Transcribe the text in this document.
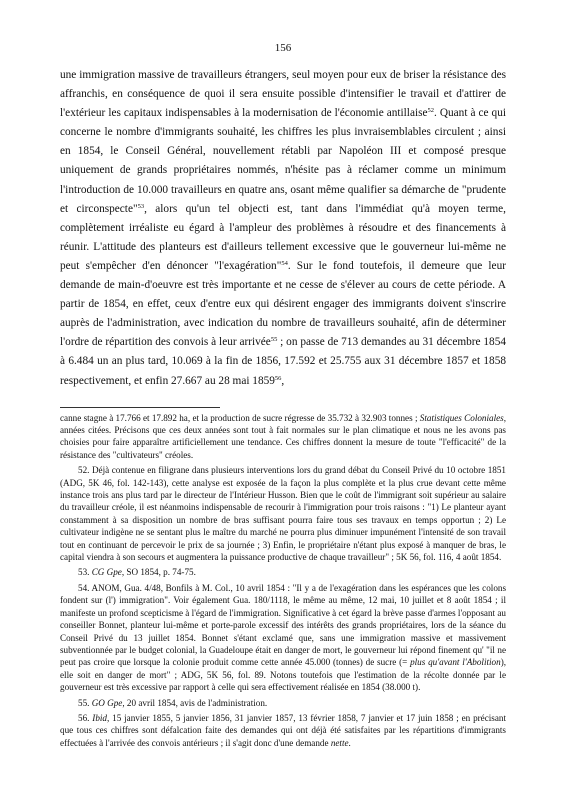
156

une immigration massive de travailleurs étrangers, seul moyen pour eux de briser la résistance des affranchis, en conséquence de quoi il sera ensuite possible d'intensifier le travail et d'attirer de l'extérieur les capitaux indispensables à la modernisation de l'économie antillaise$^{52}$. Quant à ce qui concerne le nombre d'immigrants souhaité, les chiffres les plus invraisemblables circulent ; ainsi en 1854, le Conseil Général, nouvellement rétabli par Napoléon III et composé presque uniquement de grands propriétaires nommés, n'hésite pas à réclamer comme un minimum l'introduction de 10.000 travailleurs en quatre ans, osant même qualifier sa démarche de "prudente et circonspecte"$^{53}$, alors qu'un tel objecti est, tant dans l'immédiat qu'à moyen terme, complètement irréaliste eu égard à l'ampleur des problèmes à résoudre et des financements à réunir. L'attitude des planteurs est d'ailleurs tellement excessive que le gouverneur lui-même ne peut s'empêcher d'en dénoncer "l'exagération"$^{54}$. Sur le fond toutefois, il demeure que leur demande de main-d'oeuvre est très importante et ne cesse de s'élever au cours de cette période. A partir de 1854, en effet, ceux d'entre eux qui désirent engager des immigrants doivent s'inscrire auprès de l'administration, avec indication du nombre de travailleurs souhaité, afin de déterminer l'ordre de répartition des convois à leur arrivée$^{55}$ ; on passe de 713 demandes au 31 décembre 1854 à 6.484 un an plus tard, 10.069 à la fin de 1856, 17.592 et 25.755 aux 31 décembre 1857 et 1858 respectivement, et enfin 27.667 au 28 mai 1859$^{56}$,

canne stagne à 17.766 et 17.892 ha, et la production de sucre régresse de 35.732 à 32.903 tonnes ; Statistiques Coloniales, années citées. Précisons que ces deux années sont tout à fait normales sur le plan climatique et nous ne les avons pas choisies pour faire apparaître artificiellement une tendance. Ces chiffres donnent la mesure de toute "l'efficacité" de la résistance des "cultivateurs" créoles.

52. Déjà contenue en filigrane dans plusieurs interventions lors du grand débat du Conseil Privé du 10 octobre 1851 (ADG, 5K 46, fol. 142-143), cette analyse est exposée de la façon la plus complète et la plus crue devant cette même instance trois ans plus tard par le directeur de l'Intérieur Husson. Bien que le coût de l'immigrant soit supérieur au salaire du travailleur créole, il est néanmoins indispensable de recourir à l'immigration pour trois raisons : "1) Le planteur ayant constamment à sa disposition un nombre de bras suffisant pourra faire tous ses travaux en temps opportun ; 2) Le cultivateur indigène ne se sentant plus le maître du marché ne pourra plus diminuer impunément l'intensité de son travail tout en continuant de percevoir le prix de sa journée ; 3) Enfin, le propriétaire n'étant plus exposé à manquer de bras, le capital viendra à son secours et augmentera la puissance productive de chaque travailleur" ; 5K 56, fol. 116, 4 août 1854.

53. CG Gpe, SO 1854, p. 74-75.

54. ANOM, Gua. 4/48, Bonfils à M. Col., 10 avril 1854 : "Il y a de l'exagération dans les espérances que les colons fondent sur (l') immigration". Voir également Gua. 180/1118, le même au même, 12 mai, 10 juillet et 8 août 1854 ; il manifeste un profond scepticisme à l'égard de l'immigration. Significative à cet égard la brève passe d'armes l'opposant au conseiller Bonnet, planteur lui-même et porte-parole excessif des intérêts des grands propriétaires, lors de la séance du Conseil Privé du 13 juillet 1854. Bonnet s'étant exclamé que, sans une immigration massive et massivement subventionnée par le budget colonial, la Guadeloupe était en danger de mort, le gouverneur lui répond finement qu' "il ne peut pas croire que lorsque la colonie produit comme cette année 45.000 (tonnes) de sucre (= plus qu'avant l'Abolition), elle soit en danger de mort" ; ADG, 5K 56, fol. 89. Notons toutefois que l'estimation de la récolte donnée par le gouverneur est très excessive par rapport à celle qui sera effectivement réalisée en 1854 (38.000 t).

55. GO Gpe, 20 avril 1854, avis de l'administration.

56. Ibid, 15 janvier 1855, 5 janvier 1856, 31 janvier 1857, 13 février 1858, 7 janvier et 17 juin 1858 ; en précisant que tous ces chiffres sont défalcation faite des demandes qui ont déjà été satisfaites par les répartitions d'immigrants effectuées à l'arrivée des convois antérieurs ; il s'agit donc d'une demande nette.
